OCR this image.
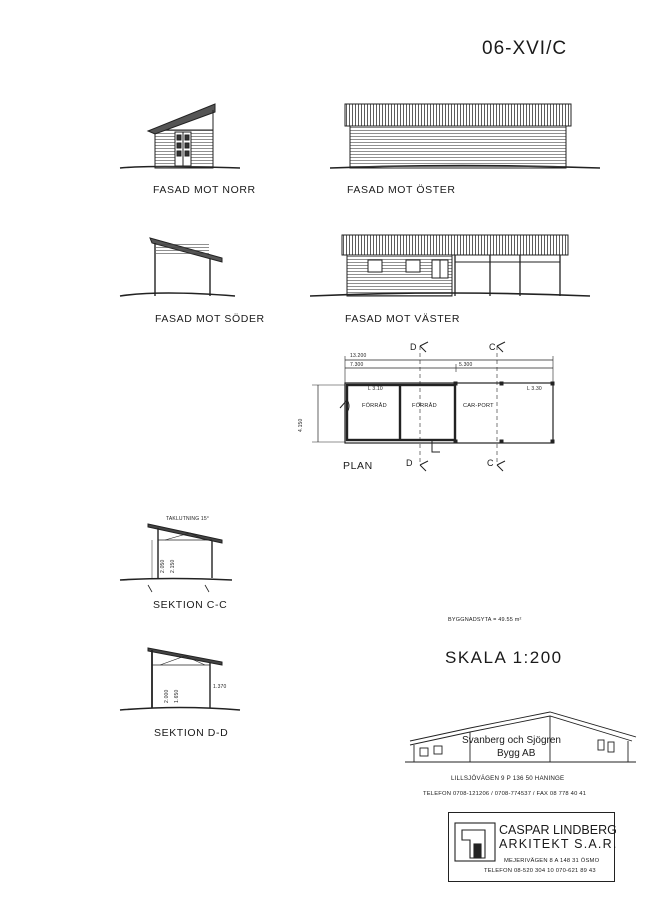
06-XVI/C
FASAD MOT NORR	FASAD MOT ÖSTER
FASAD MOT SÖDER	FASAD MOT VÄSTER
13.200
7.300	5.300
4.150
L 3.10	L 3.30
FÖRRÅD	FÖRRÅD	CAR-PORT
D	C
D	C
PLAN
TAKLUTNING 15°
2.050 2.150
SEKTION C-C
2.000 1.650
1.370
SEKTION D-D
BYGGNADSYTA = 49.55 m²
SKALA 1:200
Svanberg och Sjögren
Bygg AB
LILLSJÖVÄGEN 9 P 136 50 HANINGE
TELEFON 0708-121206 / 0708-774537 / FAX 08 778 40 41
CASPAR LINDBERG
ARKITEKT S.A.R.
MEJERIVÄGEN 8 A 148 31 ÖSMO
TELEFON 08-520 304 10 070-621 89 43
